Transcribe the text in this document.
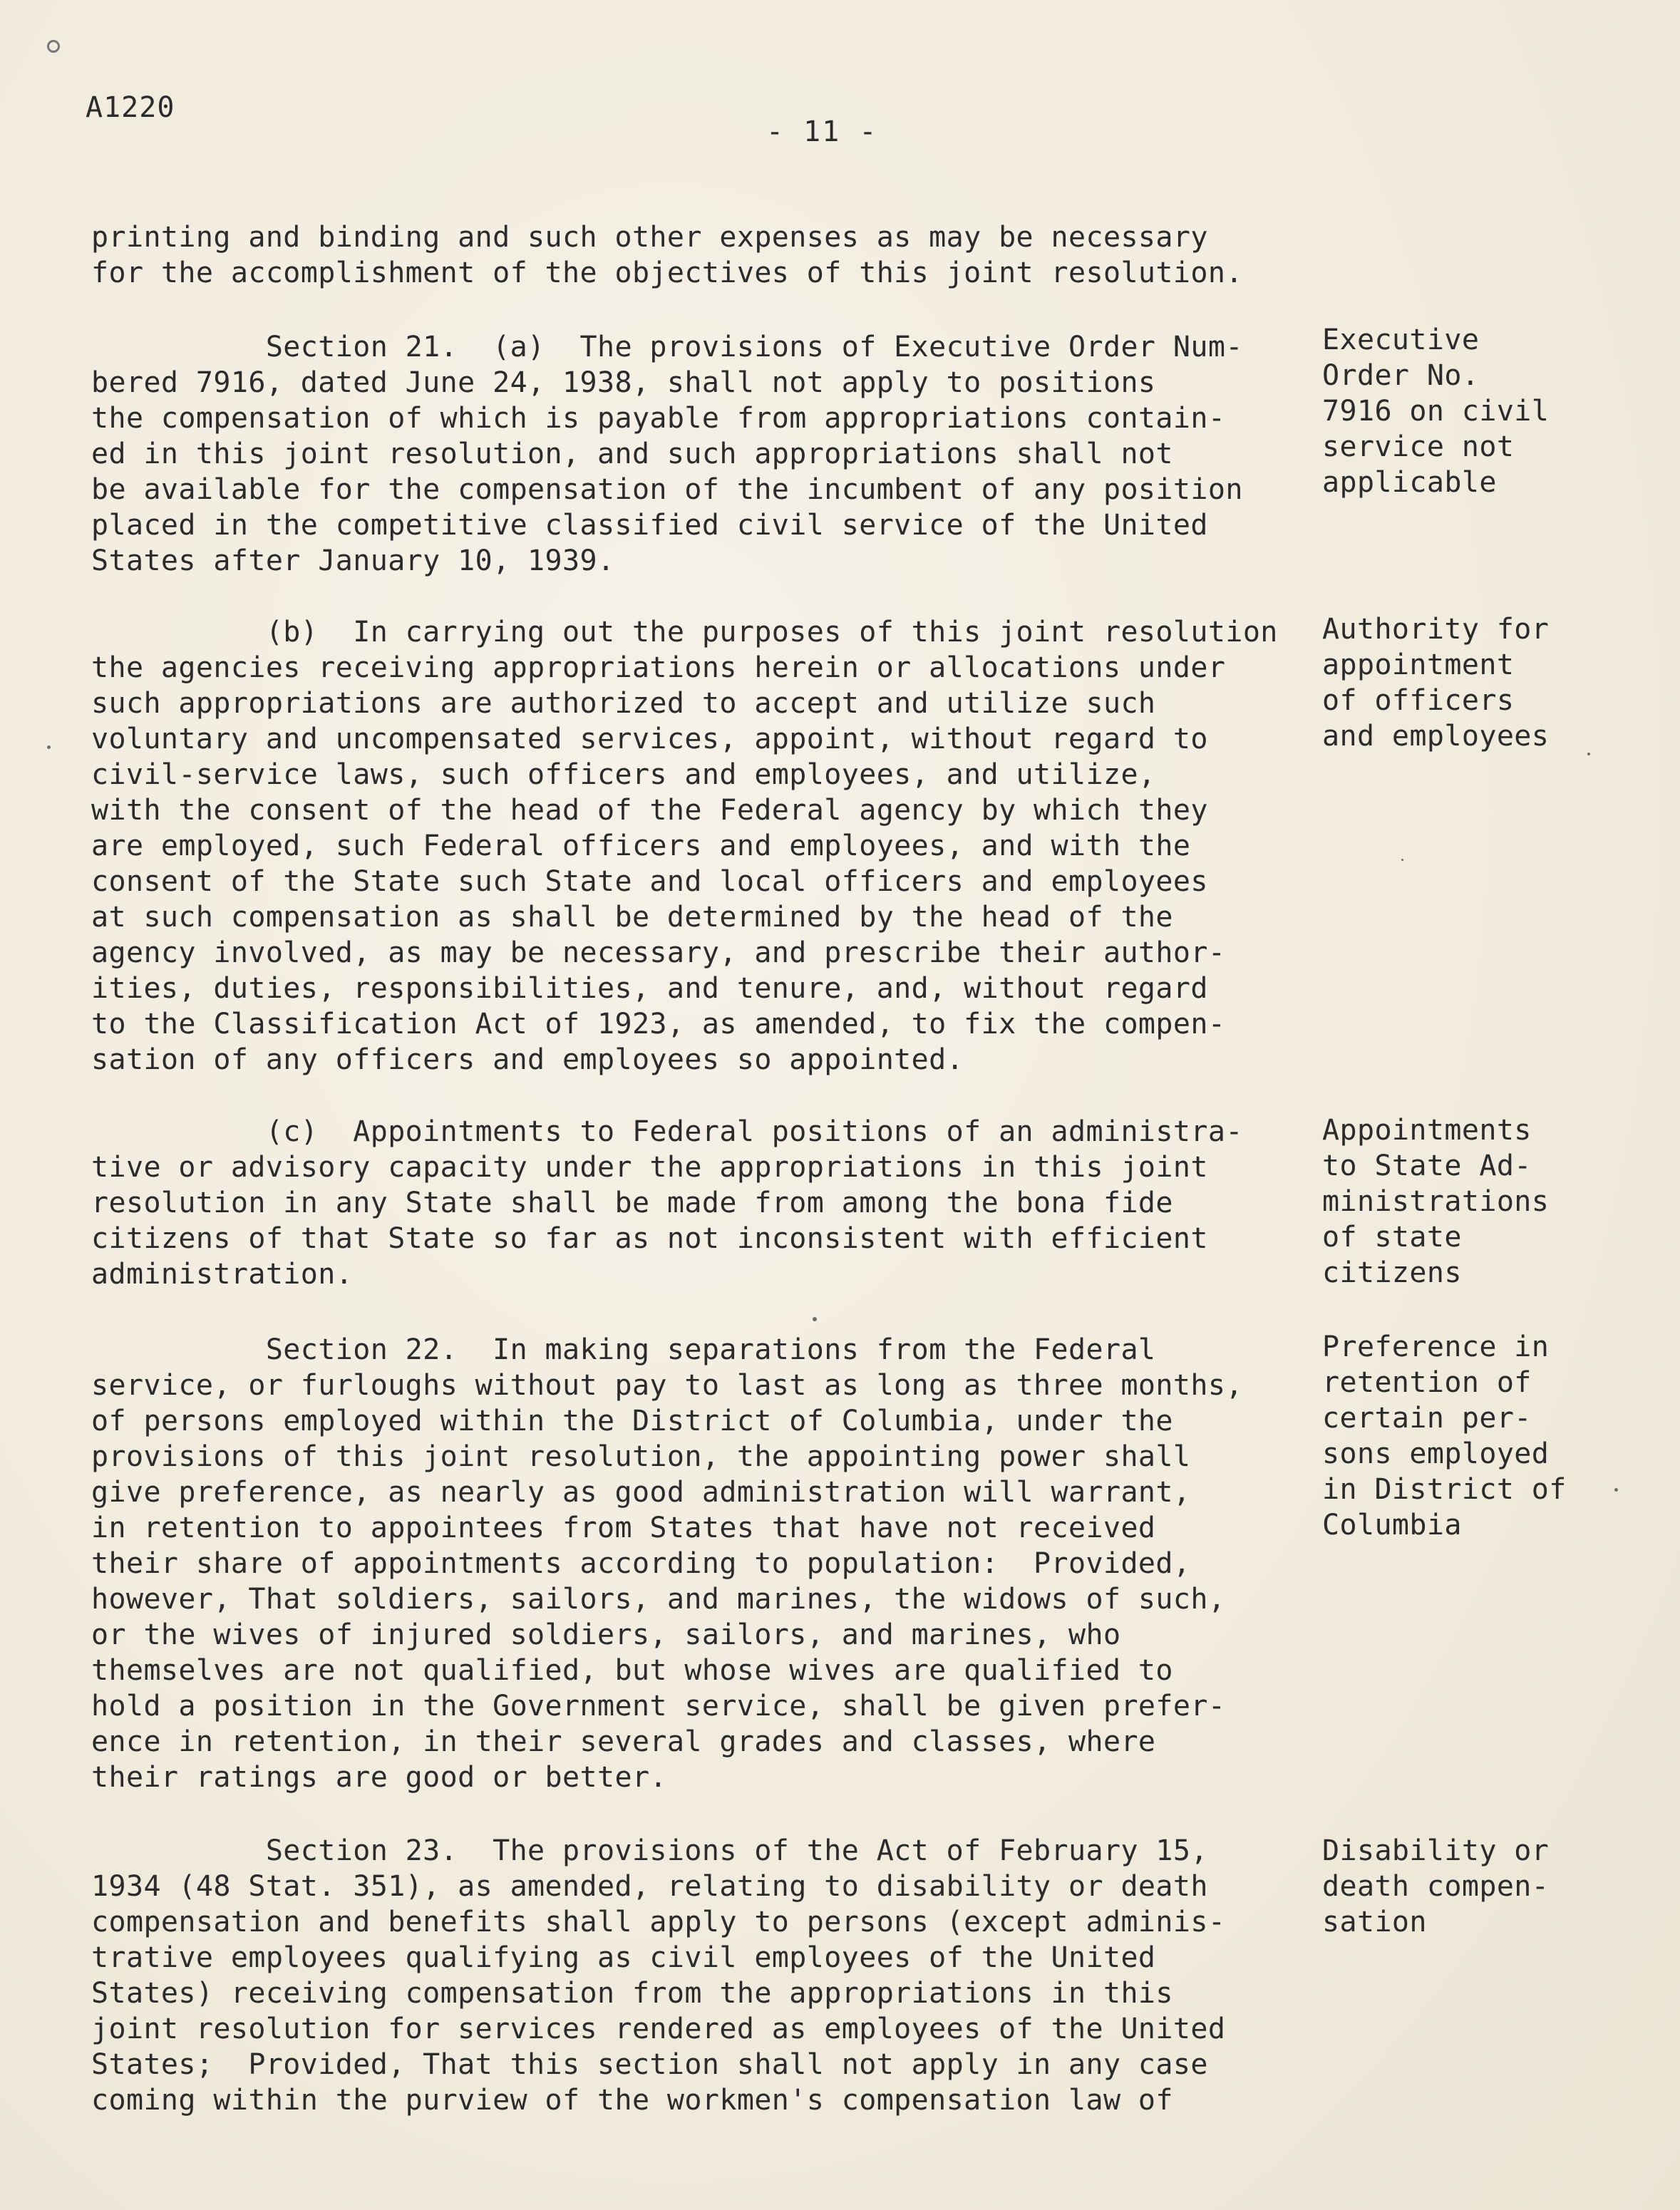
A1220
- 11 -
printing and binding and such other expenses as may be necessary
for the accomplishment of the objectives of this joint resolution.
Section 21.  (a)  The provisions of Executive Order Num-
bered 7916, dated June 24, 1938, shall not apply to positions
the compensation of which is payable from appropriations contain-
ed in this joint resolution, and such appropriations shall not
be available for the compensation of the incumbent of any position
placed in the competitive classified civil service of the United
States after January 10, 1939.
(b)  In carrying out the purposes of this joint resolution
the agencies receiving appropriations herein or allocations under
such appropriations are authorized to accept and utilize such
voluntary and uncompensated services, appoint, without regard to
civil-service laws, such officers and employees, and utilize,
with the consent of the head of the Federal agency by which they
are employed, such Federal officers and employees, and with the
consent of the State such State and local officers and employees
at such compensation as shall be determined by the head of the
agency involved, as may be necessary, and prescribe their author-
ities, duties, responsibilities, and tenure, and, without regard
to the Classification Act of 1923, as amended, to fix the compen-
sation of any officers and employees so appointed.
(c)  Appointments to Federal positions of an administra-
tive or advisory capacity under the appropriations in this joint
resolution in any State shall be made from among the bona fide
citizens of that State so far as not inconsistent with efficient
administration.
Section 22.  In making separations from the Federal
service, or furloughs without pay to last as long as three months,
of persons employed within the District of Columbia, under the
provisions of this joint resolution, the appointing power shall
give preference, as nearly as good administration will warrant,
in retention to appointees from States that have not received
their share of appointments according to population:  Provided,
however, That soldiers, sailors, and marines, the widows of such,
or the wives of injured soldiers, sailors, and marines, who
themselves are not qualified, but whose wives are qualified to
hold a position in the Government service, shall be given prefer-
ence in retention, in their several grades and classes, where
their ratings are good or better.
Section 23.  The provisions of the Act of February 15,
1934 (48 Stat. 351), as amended, relating to disability or death
compensation and benefits shall apply to persons (except adminis-
trative employees qualifying as civil employees of the United
States) receiving compensation from the appropriations in this
joint resolution for services rendered as employees of the United
States;  Provided, That this section shall not apply in any case
coming within the purview of the workmen's compensation law of
Executive
Order No.
7916 on civil
service not
applicable
Authority for
appointment
of officers
and employees
Appointments
to State Ad-
ministrations
of state
citizens
Preference in
retention of
certain per-
sons employed
in District of
Columbia
Disability or
death compen-
sation
